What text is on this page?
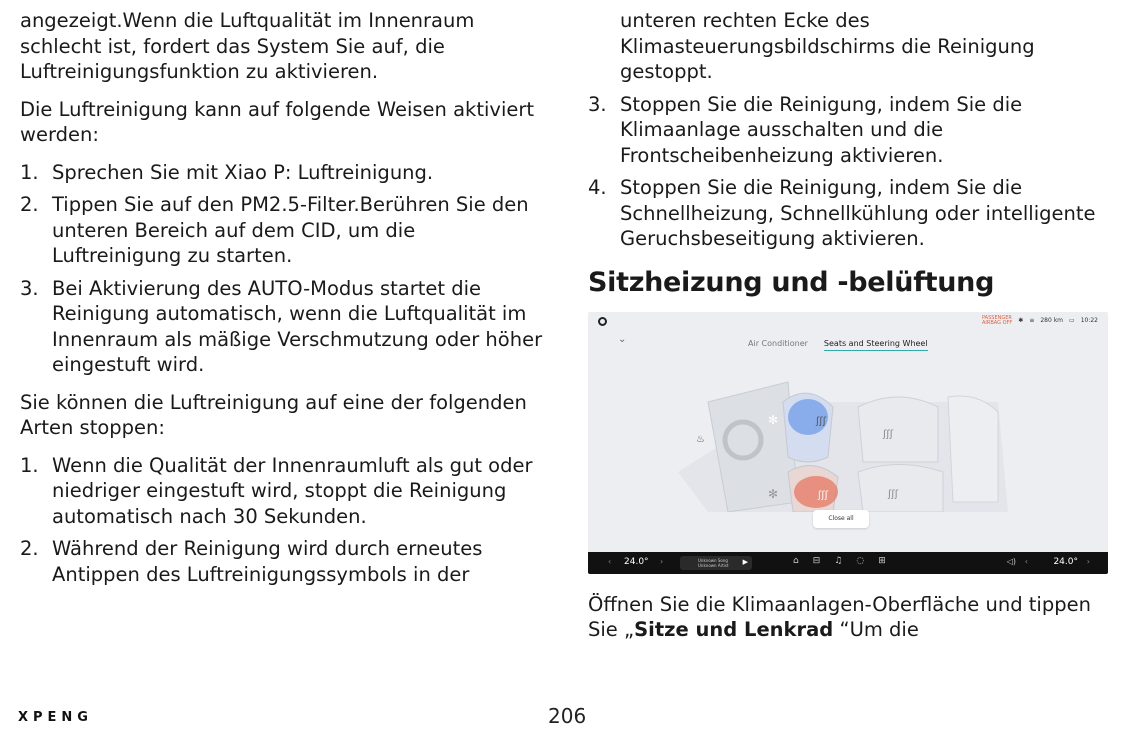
angezeigt.Wenn die Luftqualität im Innenraum schlecht ist, fordert das System Sie auf, die Luftreinigungsfunktion zu aktivieren.

Die Luftreinigung kann auf folgende Weisen aktiviert werden:

1. Sprechen Sie mit Xiao P: Luftreinigung.
2. Tippen Sie auf den PM2.5-Filter.Berühren Sie den unteren Bereich auf dem CID, um die Luftreinigung zu starten.
3. Bei Aktivierung des AUTO-Modus startet die Reinigung automatisch, wenn die Luftqualität im Innenraum als mäßige Verschmutzung oder höher eingestuft wird.

Sie können die Luftreinigung auf eine der folgenden Arten stoppen:

1. Wenn die Qualität der Innenraumluft als gut oder niedriger eingestuft wird, stoppt die Reinigung automatisch nach 30 Sekunden.
2. Während der Reinigung wird durch erneutes Antippen des Luftreinigungssymbols in der
unteren rechten Ecke des Klimasteuerungsbildschirms die Reinigung gestoppt.
3. Stoppen Sie die Reinigung, indem Sie die Klimaanlage ausschalten und die Frontscheibenheizung aktivieren.
4. Stoppen Sie die Reinigung, indem Sie die Schnellheizung, Schnellkühlung oder intelligente Geruchsbeseitigung aktivieren.
Sitzheizung und -belüftung
PASSENGER
AIRBAG OFF ✱ ≡ 280 km ▭ 10:22
⌄	Air Conditioner Seats and Steering Wheel
✻
✻
ʃʃʃ
ʃʃʃ
ʃʃʃ
ʃʃʃ
♨
Close all
‹ 24.0° ›	Unknown Song
Unknown Artist ▶	⌂ ⊟ ♫ ◌ ⊞	◁) ‹	24.0° ›

Öffnen Sie die Klimaanlagen-Oberfläche und tippen Sie „Sitze und Lenkrad “Um die

XPENG	206
